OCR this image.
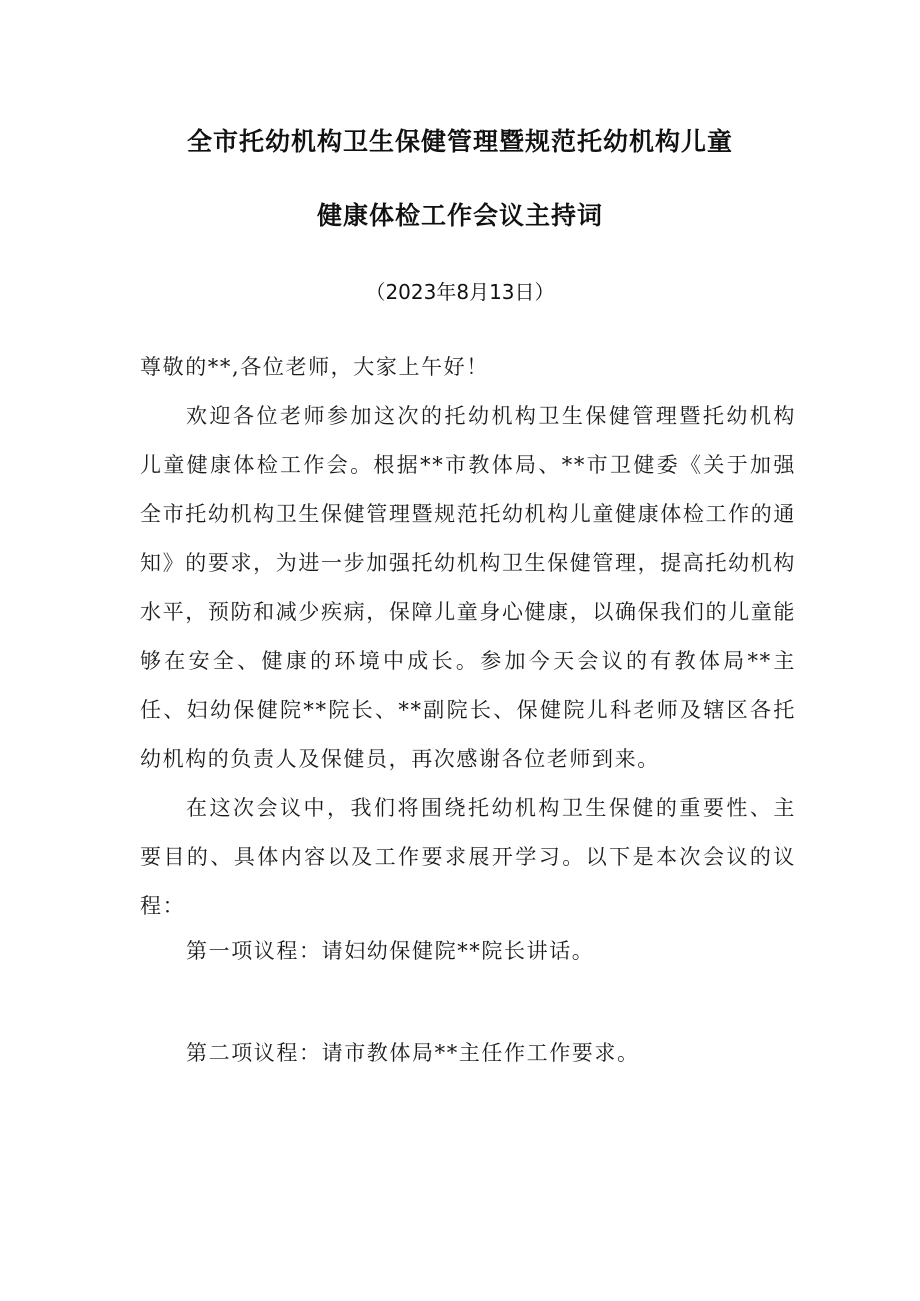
全市托幼机构卫生保健管理暨规范托幼机构儿童
健康体检工作会议主持词
（2023年8月13日）
尊敬的**,各位老师，大家上午好！
欢迎各位老师参加这次的托幼机构卫生保健管理暨托幼机构儿童健康体检工作会。根据**市教体局、**市卫健委《关于加强全市托幼机构卫生保健管理暨规范托幼机构儿童健康体检工作的通知》的要求，为进一步加强托幼机构卫生保健管理，提高托幼机构水平，预防和减少疾病，保障儿童身心健康，以确保我们的儿童能够在安全、健康的环境中成长。参加今天会议的有教体局**主任、妇幼保健院**院长、**副院长、保健院儿科老师及辖区各托幼机构的负责人及保健员，再次感谢各位老师到来。
在这次会议中，我们将围绕托幼机构卫生保健的重要性、主要目的、具体内容以及工作要求展开学习。以下是本次会议的议程：
第一项议程：请妇幼保健院**院长讲话。
第二项议程：请市教体局**主任作工作要求。
